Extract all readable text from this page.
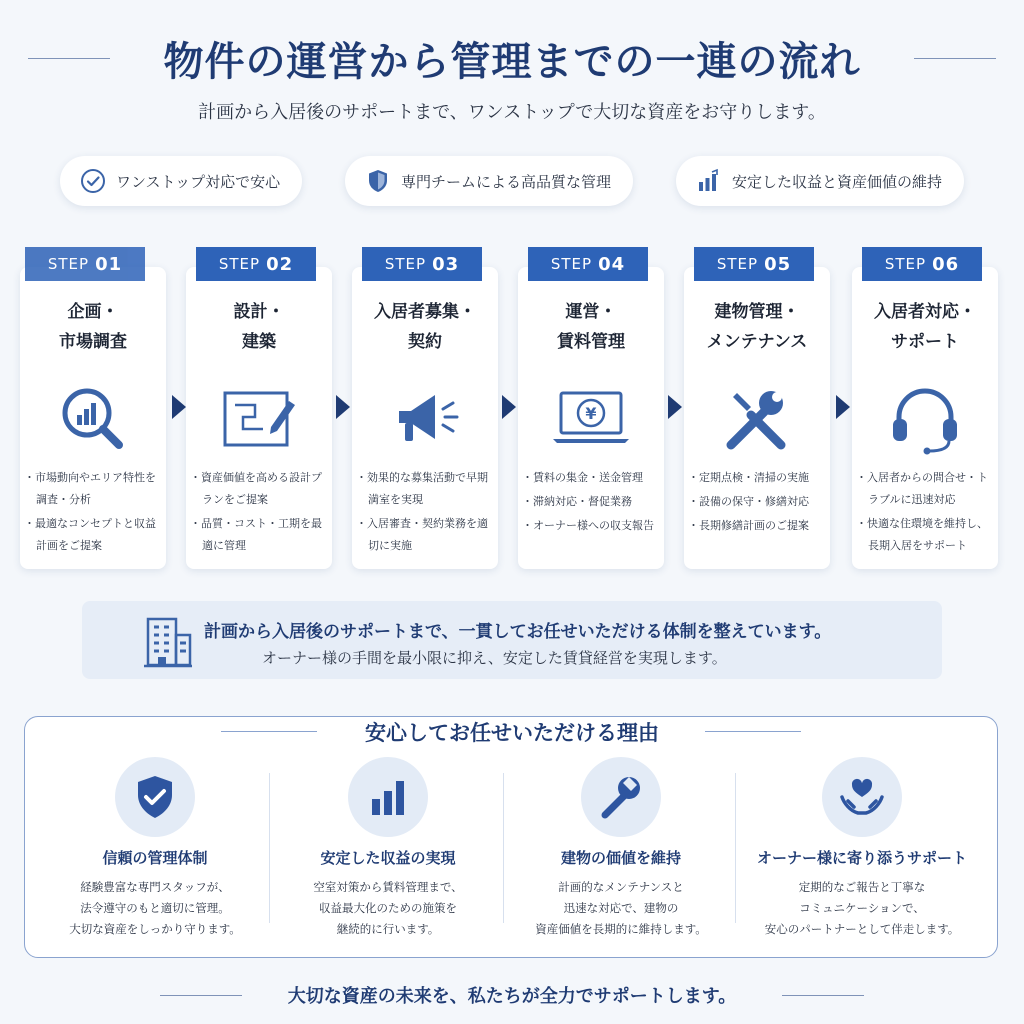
物件の運営から管理までの一連の流れ
計画から入居後のサポートまで、ワンストップで大切な資産をお守りします。
ワンストップ対応で安心	専門チームによる高品質な管理	安定した収益と資産価値の維持
企画・
市場調査
・ 市場動向やエリア特性を調査・分析
・ 最適なコンセプトと収益計画をご提案
STEP 01
設計・
建築
・ 資産価値を高める設計プランをご提案
・ 品質・コスト・工期を最適に管理
STEP 02
入居者募集・
契約
・ 効果的な募集活動で早期満室を実現
・ 入居審査・契約業務を適切に実施
STEP 03
運営・
賃料管理
¥
・ 賃料の集金・送金管理
・ 滞納対応・督促業務
・ オーナー様への収支報告
STEP 04
建物管理・
メンテナンス
・ 定期点検・清掃の実施
・ 設備の保守・修繕対応
・ 長期修繕計画のご提案
STEP 05
入居者対応・
サポート
・ 入居者からの問合せ・トラブルに迅速対応
・ 快適な住環境を維持し、長期入居をサポート
STEP 06
計画から入居後のサポートまで、一貫してお任せいただける体制を整えています。
オーナー様の手間を最小限に抑え、安定した賃貸経営を実現します。
安心してお任せいただける理由
信頼の管理体制
経験豊富な専門スタッフが、
法令遵守のもと適切に管理。
大切な資産をしっかり守ります。
安定した収益の実現
空室対策から賃料管理まで、
収益最大化のための施策を
継続的に行います。
建物の価値を維持
計画的なメンテナンスと
迅速な対応で、建物の
資産価値を長期的に維持します。
オーナー様に寄り添うサポート
定期的なご報告と丁寧な
コミュニケーションで、
安心のパートナーとして伴走します。
大切な資産の未来を、私たちが全力でサポートします。
